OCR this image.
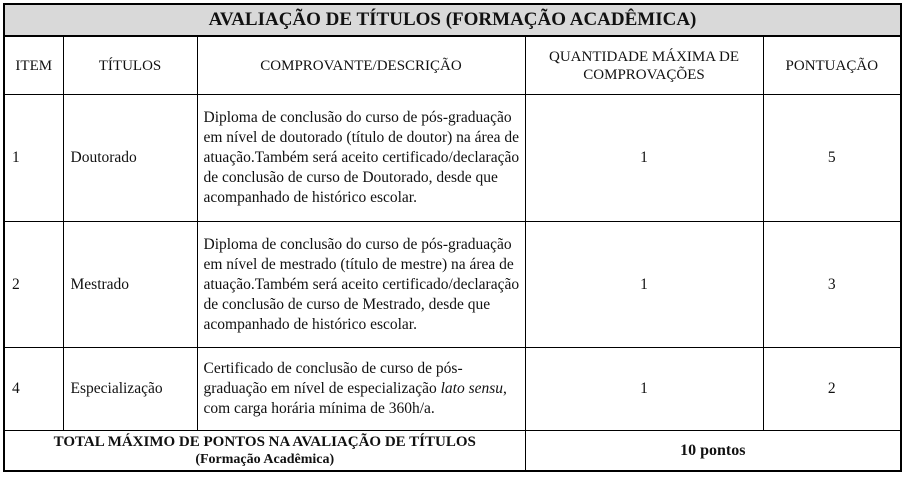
AVALIAÇÃO DE TÍTULOS (FORMAÇÃO ACADÊMICA)				
ITEM	TÍTULOS	COMPROVANTE/DESCRIÇÃO	QUANTIDADE MÁXIMA DE COMPROVAÇÕES	PONTUAÇÃO
1	Doutorado	Diploma de conclusão do curso de pós-graduação em nível de doutorado (título de doutor) na área de atuação.Também será aceito certificado/declaração de conclusão de curso de Doutorado, desde que acompanhado de histórico escolar.	1	5
2	Mestrado	Diploma de conclusão do curso de pós-graduação em nível de mestrado (título de mestre) na área de atuação.Também será aceito certificado/declaração de conclusão de curso de Mestrado, desde que acompanhado de histórico escolar.	1	3
4	Especialização	Certificado de conclusão de curso de pós-graduação em nível de especialização lato sensu, com carga horária mínima de 360h/a.	1	2

TOTAL MÁXIMO DE PONTOS NA AVALIAÇÃO DE TÍTULOS
(Formação Acadêmica)			10 pontos	
